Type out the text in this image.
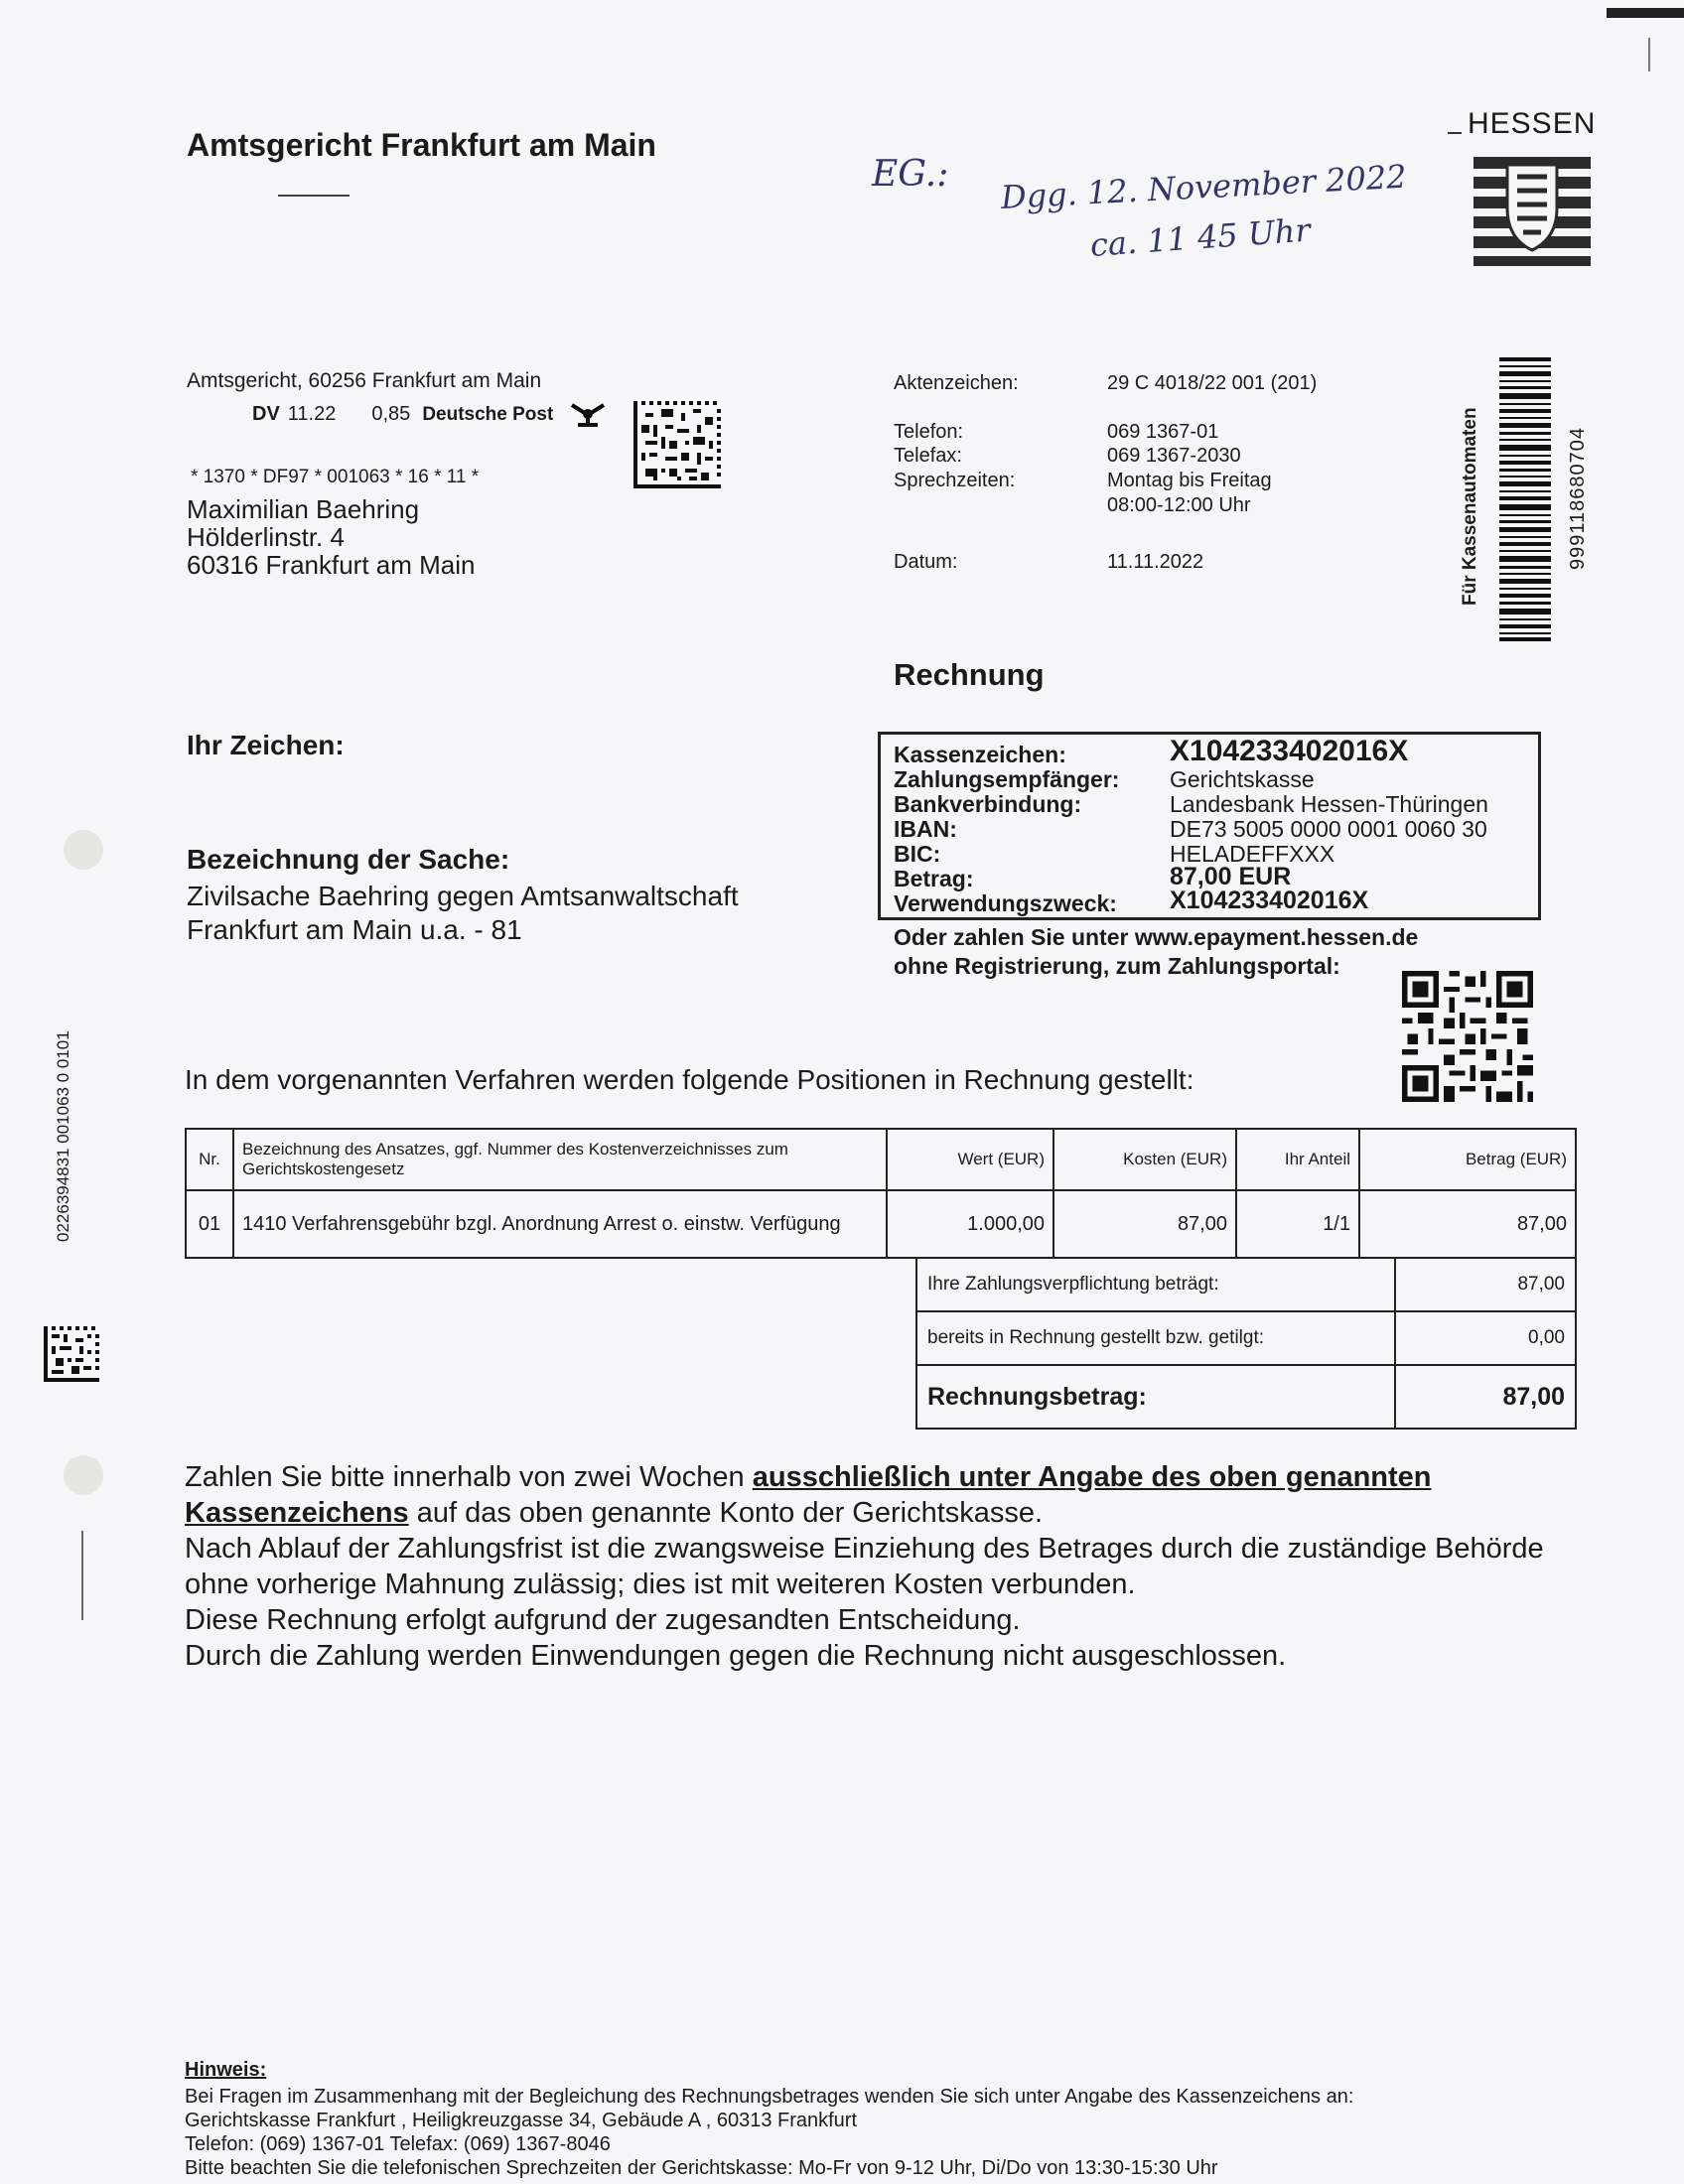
Amtsgericht Frankfurt am Main
HESSEN
EG.: Dgg. 12. November 2022
ca. 11 45 Uhr
Amtsgericht, 60256 Frankfurt am Main
DV 11.22 0,85 Deutsche Post
* 1370 * DF97 * 001063 * 16 * 11 *
Maximilian Baehring
Hölderlinstr. 4
60316 Frankfurt am Main
Aktenzeichen:	29 C 4018/22 001 (201)
Telefon:	069 1367-01
Telefax:	069 1367-2030
Sprechzeiten:	Montag bis Freitag
08:00-12:00 Uhr
Datum:	11.11.2022	Für Kassenautomaten	9991186807​04
0226394831 001063 0 0101
Rechnung
Ihr Zeichen:
Bezeichnung der Sache:
Zivilsache Baehring gegen Amtsanwaltschaft
Frankfurt am Main u.a. - 81
Kassenzeichen:	X104233402016X
Zahlungsempfänger: Gerichtskasse
Bankverbindung:	Landesbank Hessen-Thüringen
IBAN:	DE73 5005 0000 0001 0060 30
BIC:	HELADEFFXXX
Betrag:	87,00 EUR
Verwendungszweck: X104233402016X
Oder zahlen Sie unter www.epayment.hessen.de
ohne Registrierung, zum Zahlungsportal:
In dem vorgenannten Verfahren werden folgende Positionen in Rechnung gestellt:
Nr.	Bezeichnung des Ansatzes, ggf. Nummer des Kostenverzeichnisses zum Gerichtskostengesetz	Wert (EUR)	Kosten (EUR)	Ihr Anteil	Betrag (EUR)
01	1410 Verfahrensgebühr bzgl. Anordnung Arrest o. einstw. Verfügung	1.000,00	87,00	1/1	87,00
Ihre Zahlungsverpflichtung beträgt:	87,00
bereits in Rechnung gestellt bzw. getilgt:	0,00
Rechnungsbetrag:	87,00
Zahlen Sie bitte innerhalb von zwei Wochen ausschließlich unter Angabe des oben genannten Kassenzeichens auf das oben genannte Konto der Gerichtskasse.
Nach Ablauf der Zahlungsfrist ist die zwangsweise Einziehung des Betrages durch die zuständige Behörde ohne vorherige Mahnung zulässig; dies ist mit weiteren Kosten verbunden.
Diese Rechnung erfolgt aufgrund der zugesandten Entscheidung.
Durch die Zahlung werden Einwendungen gegen die Rechnung nicht ausgeschlossen.
Hinweis:
Bei Fragen im Zusammenhang mit der Begleichung des Rechnungsbetrages wenden Sie sich unter Angabe des Kassenzeichens an:
Gerichtskasse Frankfurt , Heiligkreuzgasse 34, Gebäude A , 60313 Frankfurt
Telefon: (069) 1367-01 Telefax: (069) 1367-8046
Bitte beachten Sie die telefonischen Sprechzeiten der Gerichtskasse: Mo-Fr von 9-12 Uhr, Di/Do von 13:30-15:30 Uhr
